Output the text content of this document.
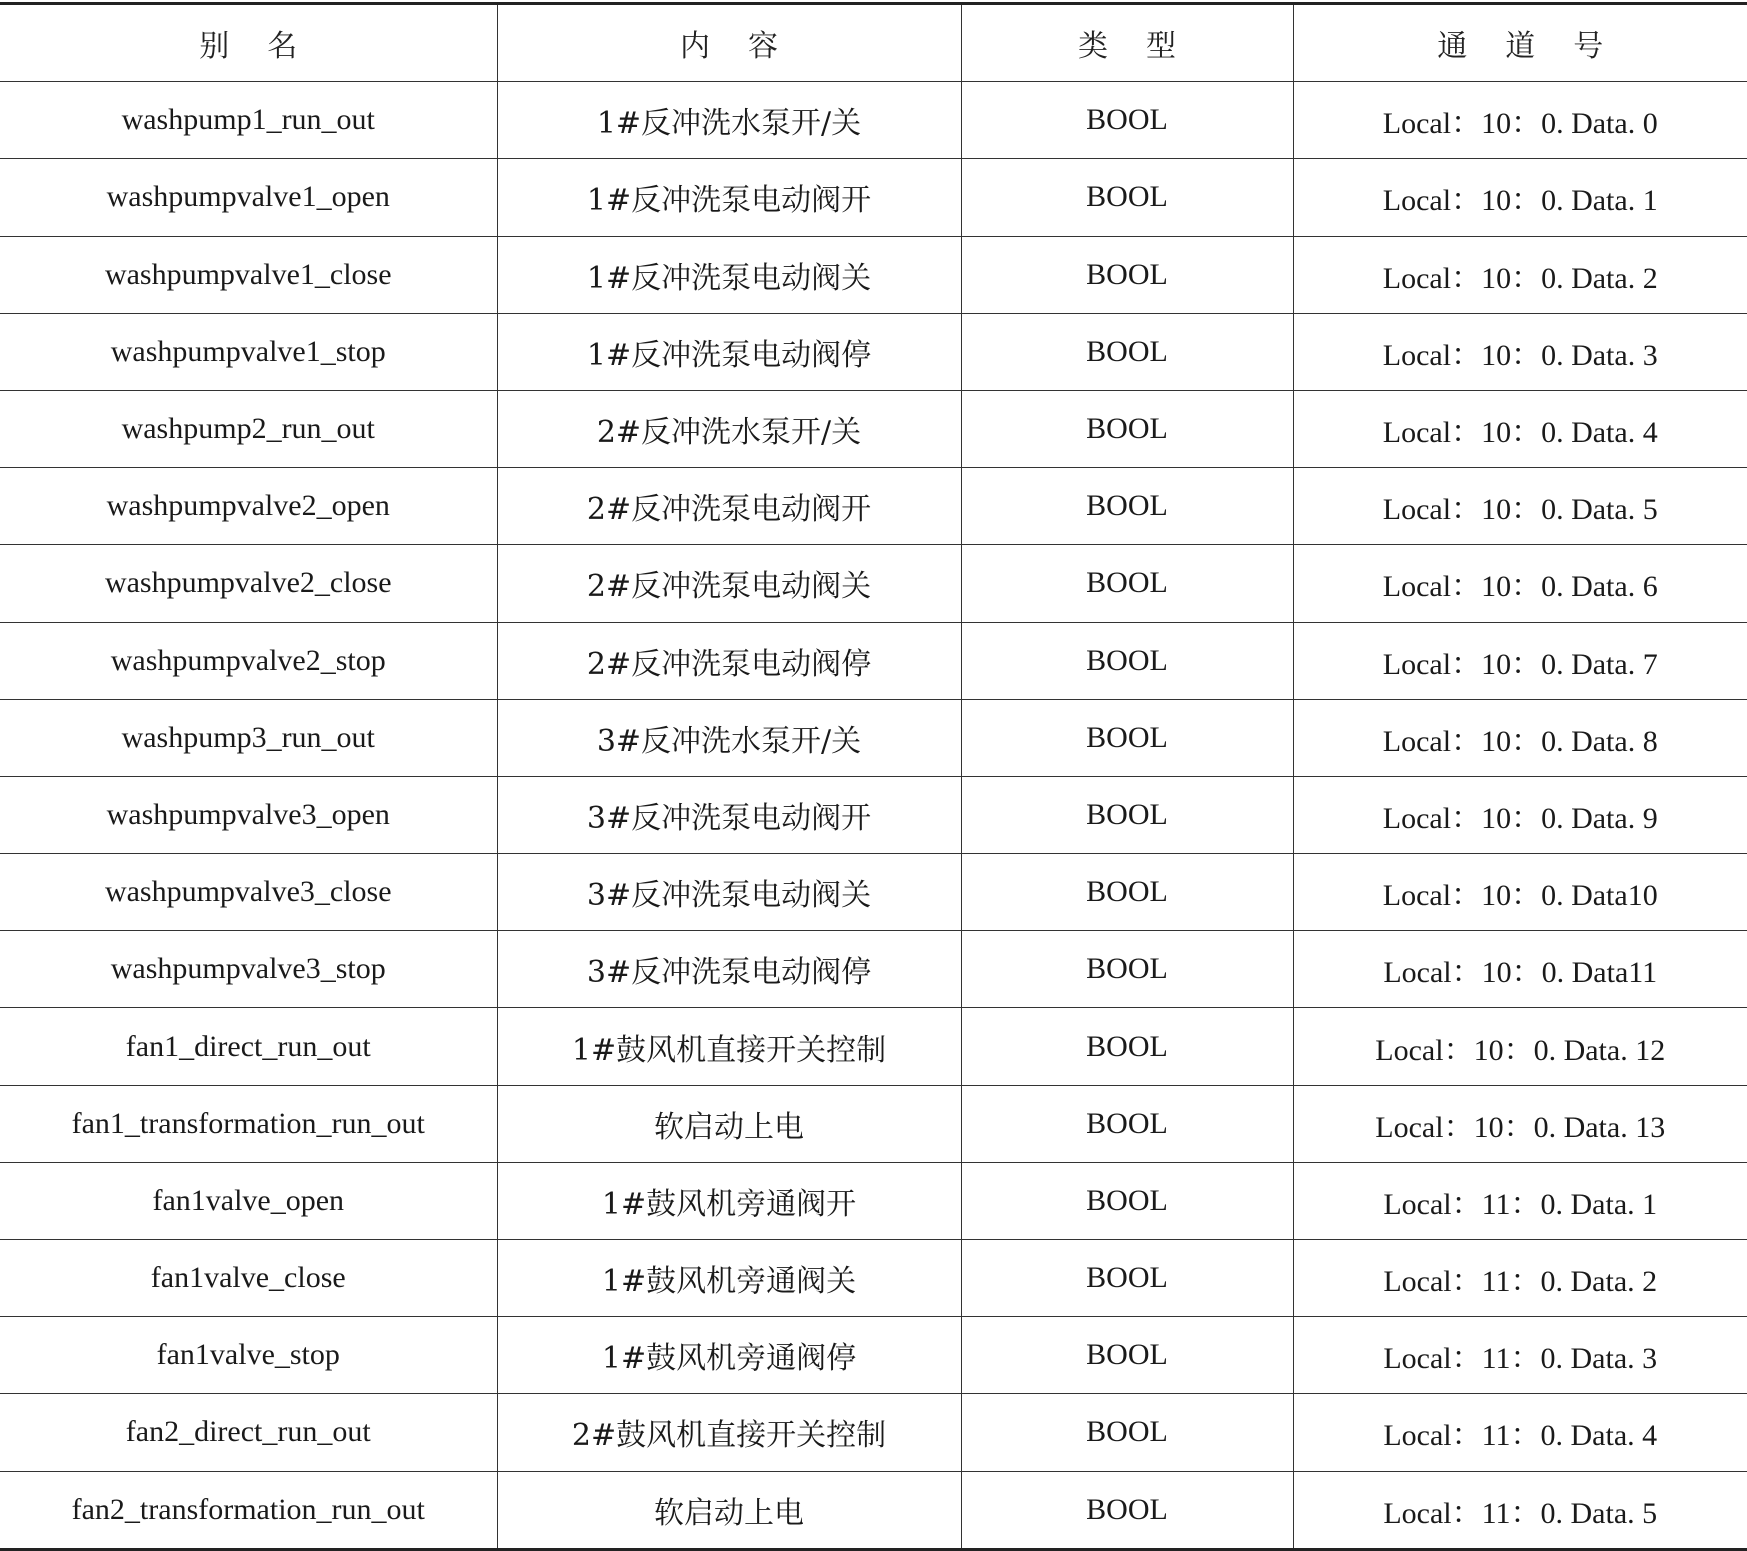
别名	内容	类型	通道号
washpump1_run_out	1#反冲洗水泵开/关	BOOL	Local：10：0. Data. 0
washpumpvalve1_open	1#反冲洗泵电动阀开	BOOL	Local：10：0. Data. 1
washpumpvalve1_close	1#反冲洗泵电动阀关	BOOL	Local：10：0. Data. 2
washpumpvalve1_stop	1#反冲洗泵电动阀停	BOOL	Local：10：0. Data. 3
washpump2_run_out	2#反冲洗水泵开/关	BOOL	Local：10：0. Data. 4
washpumpvalve2_open	2#反冲洗泵电动阀开	BOOL	Local：10：0. Data. 5
washpumpvalve2_close	2#反冲洗泵电动阀关	BOOL	Local：10：0. Data. 6
washpumpvalve2_stop	2#反冲洗泵电动阀停	BOOL	Local：10：0. Data. 7
washpump3_run_out	3#反冲洗水泵开/关	BOOL	Local：10：0. Data. 8
washpumpvalve3_open	3#反冲洗泵电动阀开	BOOL	Local：10：0. Data. 9
washpumpvalve3_close	3#反冲洗泵电动阀关	BOOL	Local：10：0. Data10
washpumpvalve3_stop	3#反冲洗泵电动阀停	BOOL	Local：10：0. Data11
fan1_direct_run_out	1#鼓风机直接开关控制	BOOL	Local：10：0. Data. 12
fan1_transformation_run_out	软启动上电	BOOL	Local：10：0. Data. 13
fan1valve_open	1#鼓风机旁通阀开	BOOL	Local：11：0. Data. 1
fan1valve_close	1#鼓风机旁通阀关	BOOL	Local：11：0. Data. 2
fan1valve_stop	1#鼓风机旁通阀停	BOOL	Local：11：0. Data. 3
fan2_direct_run_out	2#鼓风机直接开关控制	BOOL	Local：11：0. Data. 4
fan2_transformation_run_out	软启动上电	BOOL	Local：11：0. Data. 5
